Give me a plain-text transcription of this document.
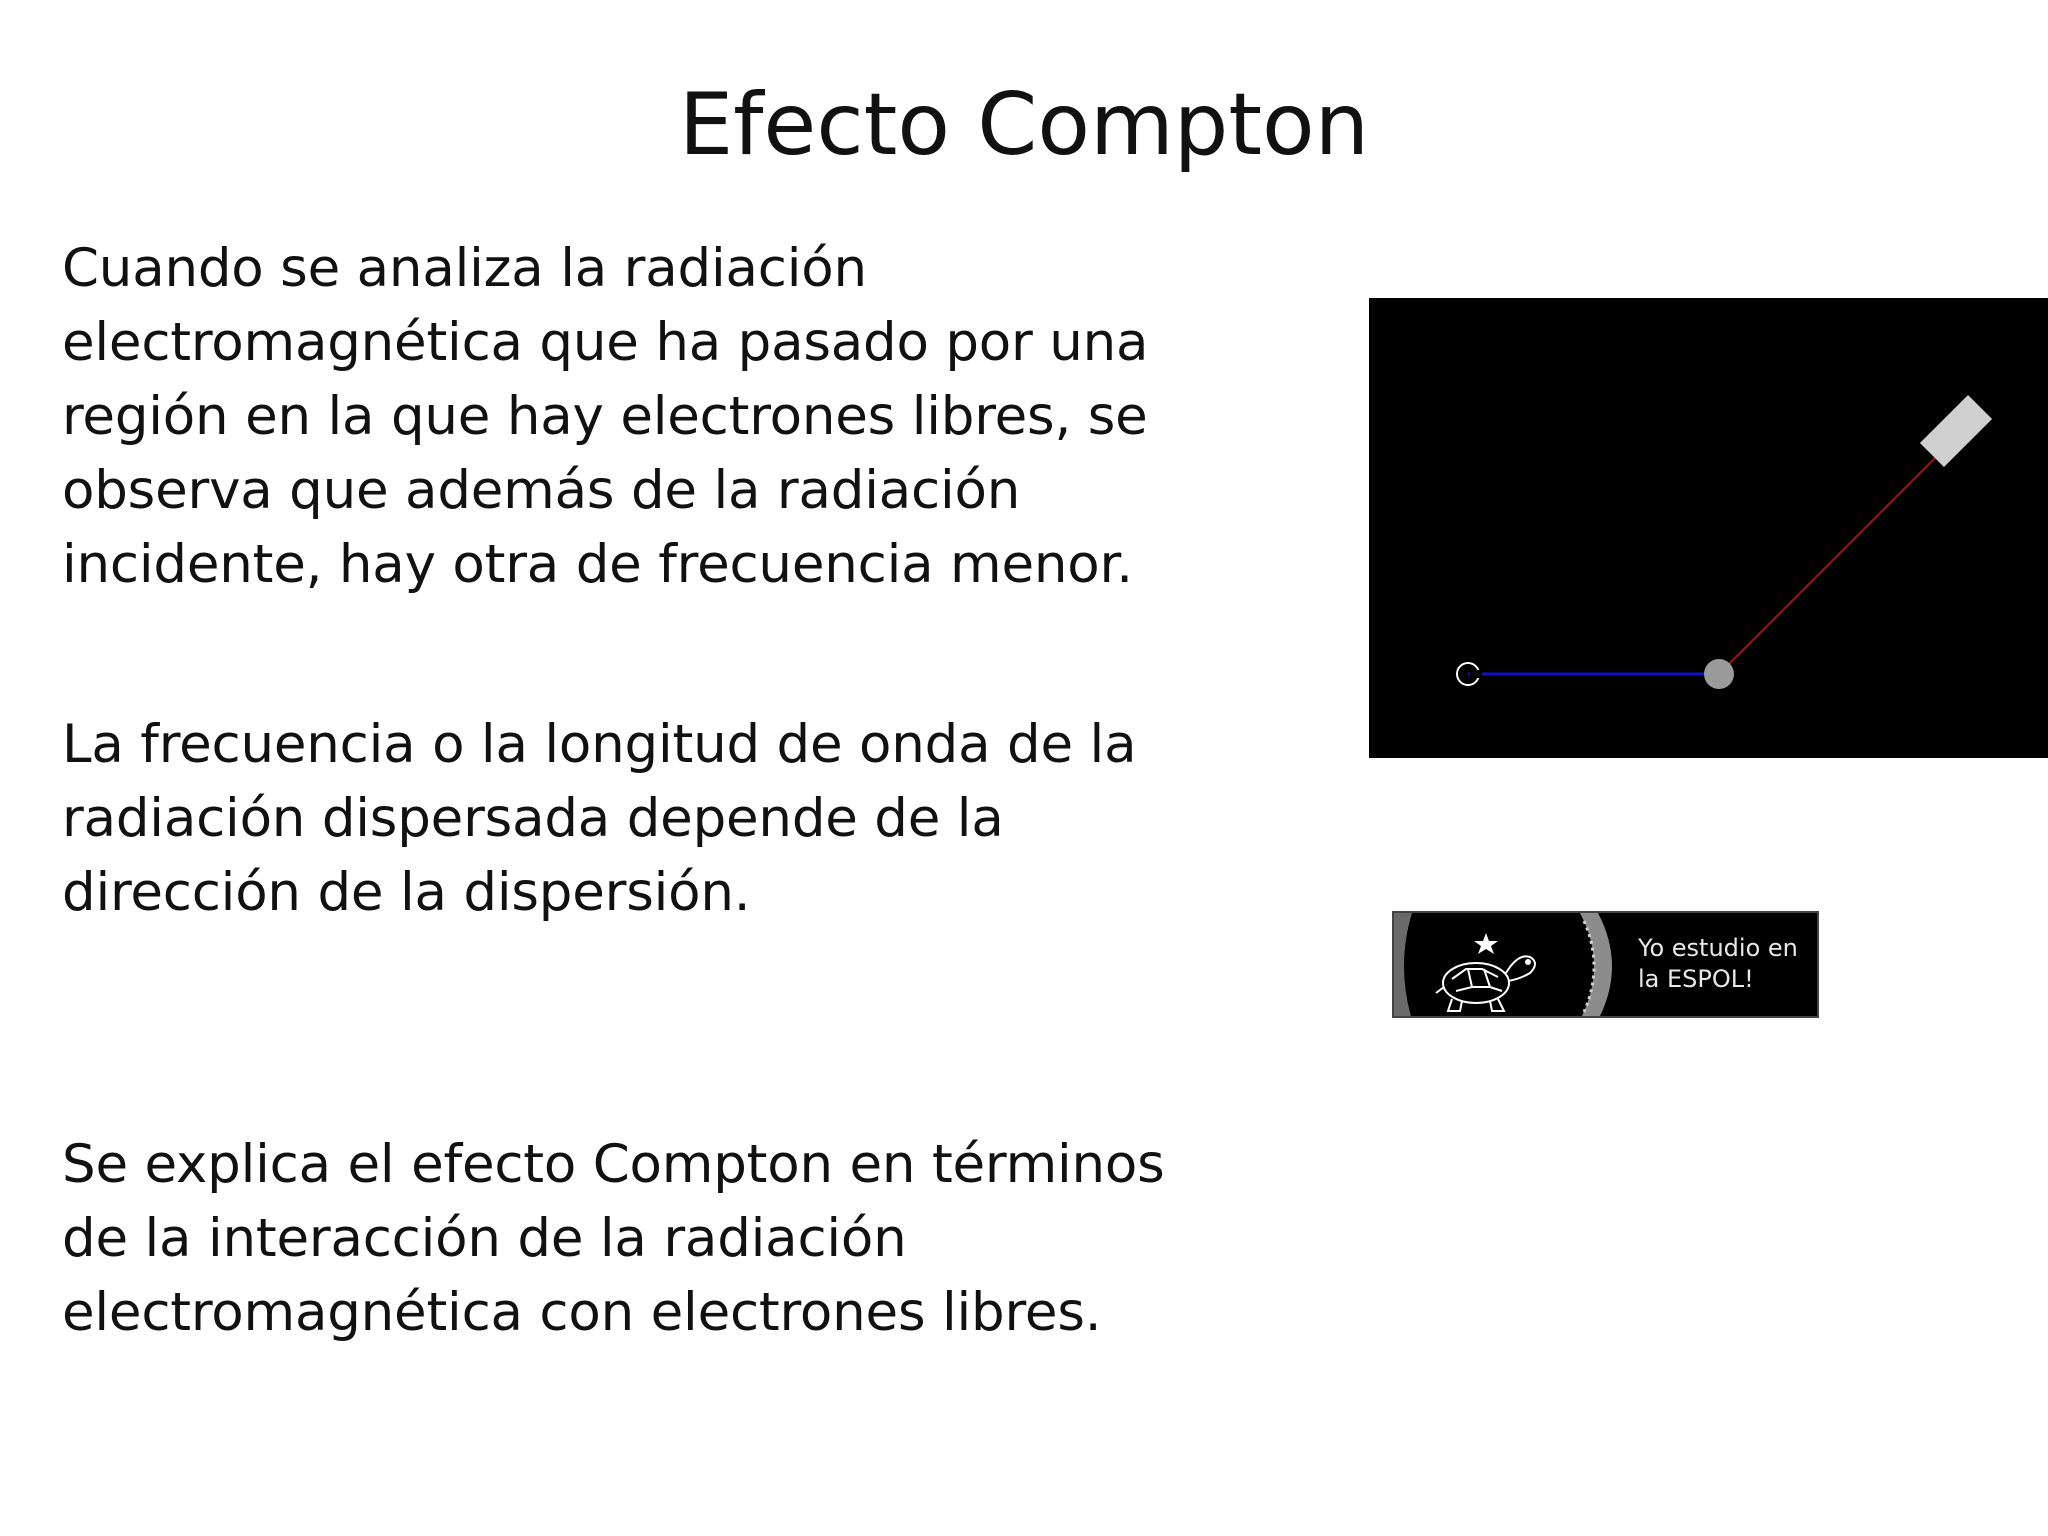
Efecto Compton

Cuando se analiza la radiación
electromagnética que ha pasado por una
región en la que hay electrones libres, se
observa que además de la radiación
incidente, hay otra de frecuencia menor.

La frecuencia o la longitud de onda de la
radiación dispersada depende de la
dirección de la dispersión.

Se explica el efecto Compton en términos
de la interacción de la radiación
electromagnética con electrones libres.

Yo estudio en
la ESPOL!
